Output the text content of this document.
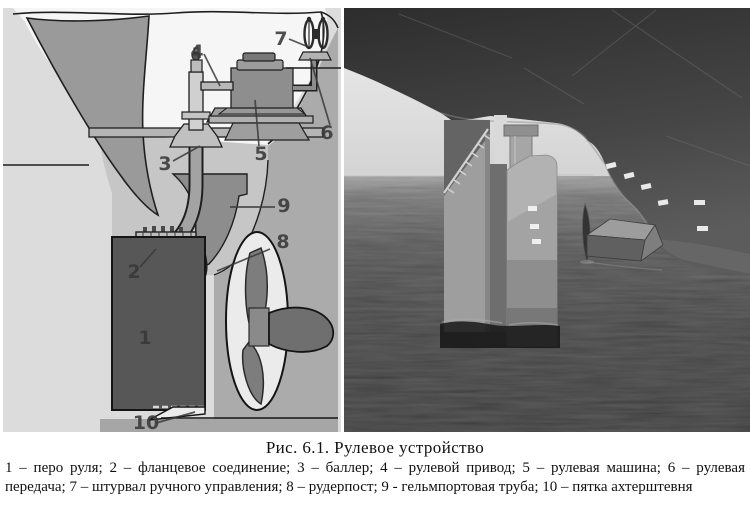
1
2
3
4
5
6
7
8
9
10
Рис. 6.1. Рулевое устройство
1 – перо руля; 2 – фланцевое соединение; 3 – баллер; 4 – рулевой привод; 5 – рулевая машина; 6 – рулевая
передача; 7 – штурвал ручного управления; 8 – рудерпост; 9 - гельмпортовая труба; 10 – пятка ахтерштевня
